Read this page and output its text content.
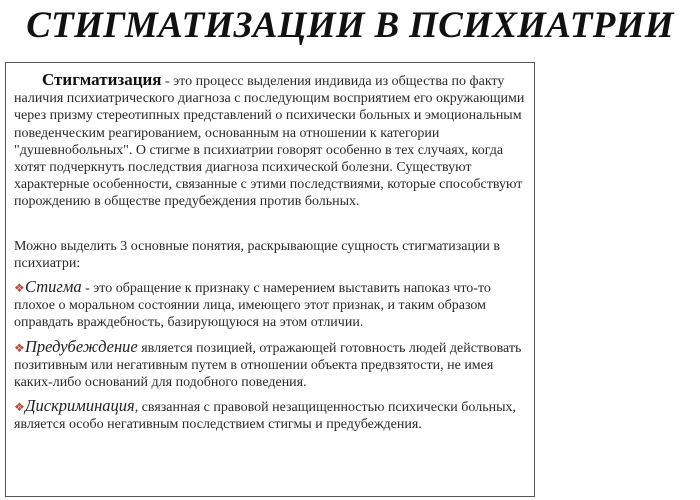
СТИГМАТИЗАЦИИ В ПСИХИАТРИИ

Стигматизация - это процесс выделения индивида из общества по факту наличия психиатрического диагноза с последующим восприятием его окружающими через призму стереотипных представлений о психически больных и эмоциональным поведенческим реагированием, основанным на отношении к категории "душевнобольных". О стигме в психиатрии говорят особенно в тех случаях, когда хотят подчеркнуть последствия диагноза психической болезни. Существуют характерные особенности, связанные с этими последствиями, которые способствуют порождению в обществе предубеждения против больных.

Можно выделить 3 основные понятия, раскрывающие сущность стигматизации в психиатри:

❖Стигма - это обращение к признаку с намерением выставить напоказ что-то плохое о моральном состоянии лица, имеющего этот признак, и таким образом оправдать враждебность, базирующуюся на этом отличии.

❖Предубеждение является позицией, отражающей готовность людей действовать позитивным или негативным путем в отношении объекта предвзятости, не имея каких-либо оснований для подобного поведения.

❖Дискриминация, связанная с правовой незащищенностью психически больных, является особо негативным последствием стигмы и предубеждения.
